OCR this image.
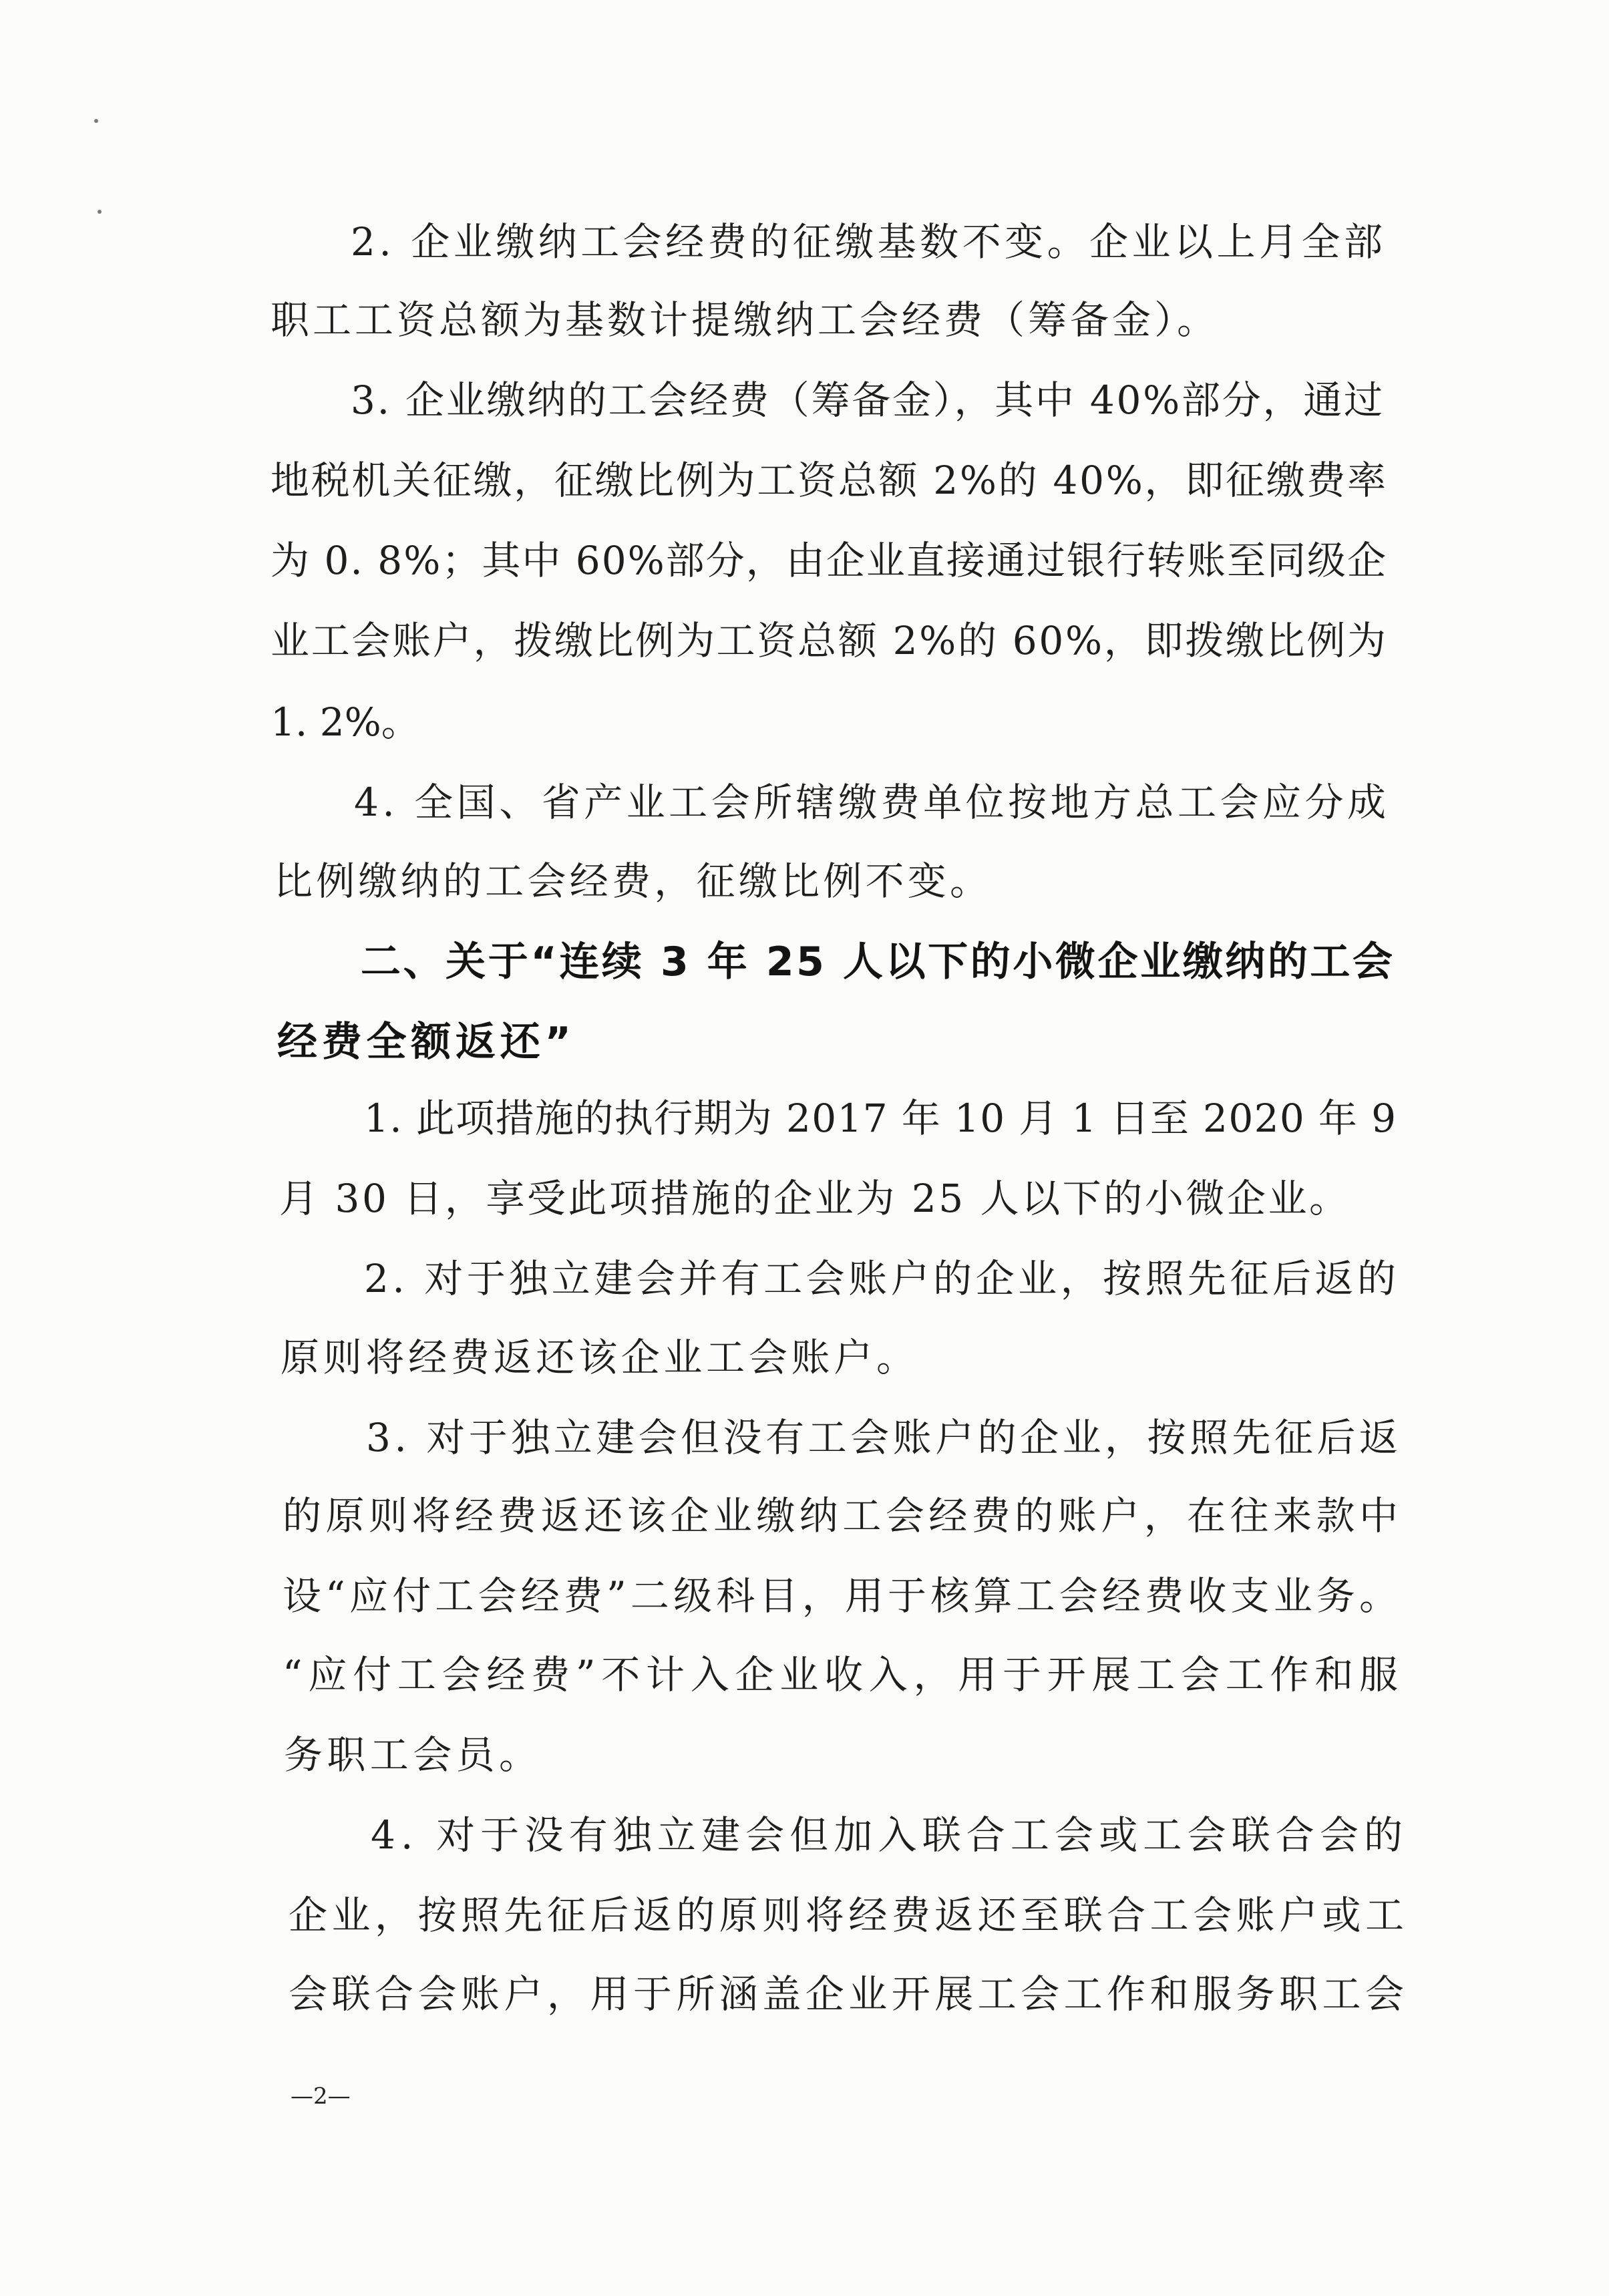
2. 企业缴纳工会经费的征缴基数不变。企业以上月全部
职工工资总额为基数计提缴纳工会经费（筹备金）。
3. 企业缴纳的工会经费（筹备金），其中 40%部分，通过
地税机关征缴，征缴比例为工资总额 2%的 40%，即征缴费率
为 0. 8%；其中 60%部分，由企业直接通过银行转账至同级企
业工会账户，拨缴比例为工资总额 2%的 60%，即拨缴比例为
1. 2%。
4. 全国、省产业工会所辖缴费单位按地方总工会应分成
比例缴纳的工会经费，征缴比例不变。
二、关于“连续 3 年 25 人以下的小微企业缴纳的工会
经费全额返还”
1. 此项措施的执行期为 2017 年 10 月 1 日至 2020 年 9
月 30 日，享受此项措施的企业为 25 人以下的小微企业。
2. 对于独立建会并有工会账户的企业，按照先征后返的
原则将经费返还该企业工会账户。
3. 对于独立建会但没有工会账户的企业，按照先征后返
的原则将经费返还该企业缴纳工会经费的账户，在往来款中
设“应付工会经费”二级科目，用于核算工会经费收支业务。
“应付工会经费”不计入企业收入，用于开展工会工作和服
务职工会员。
4. 对于没有独立建会但加入联合工会或工会联合会的
企业，按照先征后返的原则将经费返还至联合工会账户或工
会联合会账户，用于所涵盖企业开展工会工作和服务职工会
—2—
